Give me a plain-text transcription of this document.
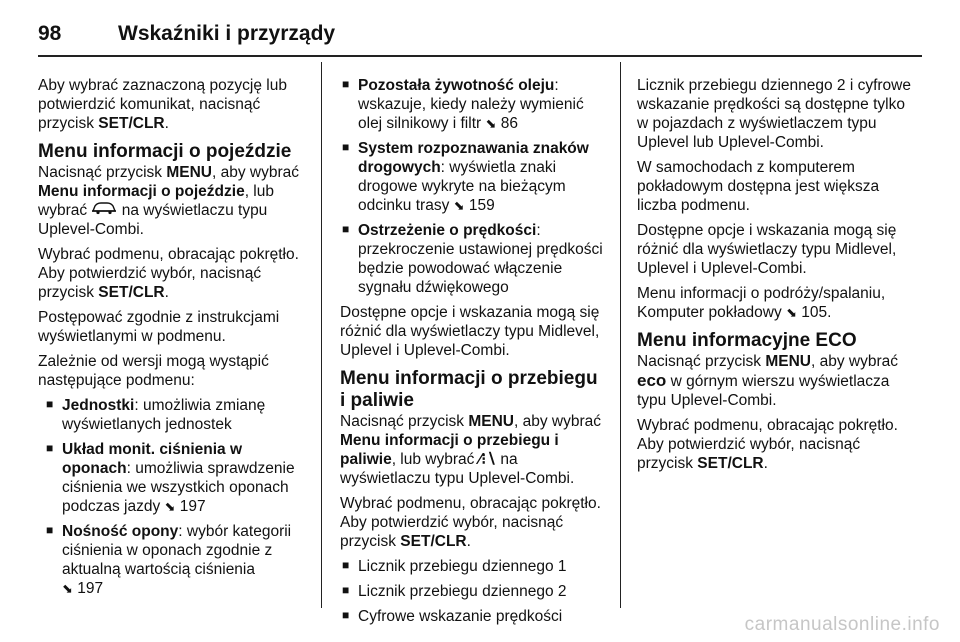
98	Wskaźniki i przyrządy

Aby wybrać zaznaczoną pozycję lub potwierdzić komunikat, nacisnąć przycisk SET/CLR.

Menu informacji o pojeździe

Nacisnąć przycisk MENU, aby wybrać Menu informacji o pojeździe, lub wybrać  na wyświetlaczu typu Uplevel-Combi.

Wybrać podmenu, obracając pokrętło. Aby potwierdzić wybór, nacisnąć przycisk SET/CLR.

Postępować zgodnie z instrukcjami wyświetlanymi w podmenu.

Zależnie od wersji mogą wystąpić następujące podmenu:

■ Jednostki: umożliwia zmianę wyświetlanych jednostek
■ Układ monit. ciśnienia w oponach: umożliwia sprawdzenie ciśnienia we wszystkich oponach podczas jazdy ⬊ 197
■ Nośność opony: wybór kategorii ciśnienia w oponach zgodnie z aktualną wartością ciśnienia
⬊ 197
■ Pozostała żywotność oleju: wskazuje, kiedy należy wymienić olej silnikowy i filtr ⬊ 86
■ System rozpoznawania znaków drogowych: wyświetla znaki drogowe wykryte na bieżącym odcinku trasy ⬊ 159
■ Ostrzeżenie o prędkości: przekroczenie ustawionej prędkości będzie powodować włączenie sygnału dźwiękowego

Dostępne opcje i wskazania mogą się różnić dla wyświetlaczy typu Midlevel, Uplevel i Uplevel-Combi.

Menu informacji o przebiegu i paliwie

Nacisnąć przycisk MENU, aby wybrać Menu informacji o przebiegu i paliwie, lub wybrać ⁄⁝∖ na wyświetlaczu typu Uplevel-Combi.

Wybrać podmenu, obracając pokrętło. Aby potwierdzić wybór, nacisnąć przycisk SET/CLR.

■ Licznik przebiegu dziennego 1
■ Licznik przebiegu dziennego 2
■ Cyfrowe wskazanie prędkości

Licznik przebiegu dziennego 2 i cyfrowe wskazanie prędkości są dostępne tylko w pojazdach z wyświetlaczem typu Uplevel lub Uplevel-Combi.

W samochodach z komputerem pokładowym dostępna jest większa liczba podmenu.

Dostępne opcje i wskazania mogą się różnić dla wyświetlaczy typu Midlevel, Uplevel i Uplevel-Combi.

Menu informacji o podróży/spalaniu, Komputer pokładowy ⬊ 105.

Menu informacyjne ECO

Nacisnąć przycisk MENU, aby wybrać eco w górnym wierszu wyświetlacza typu Uplevel-Combi.

Wybrać podmenu, obracając pokrętło. Aby potwierdzić wybór, nacisnąć przycisk SET/CLR.

carmanualsonline.info
